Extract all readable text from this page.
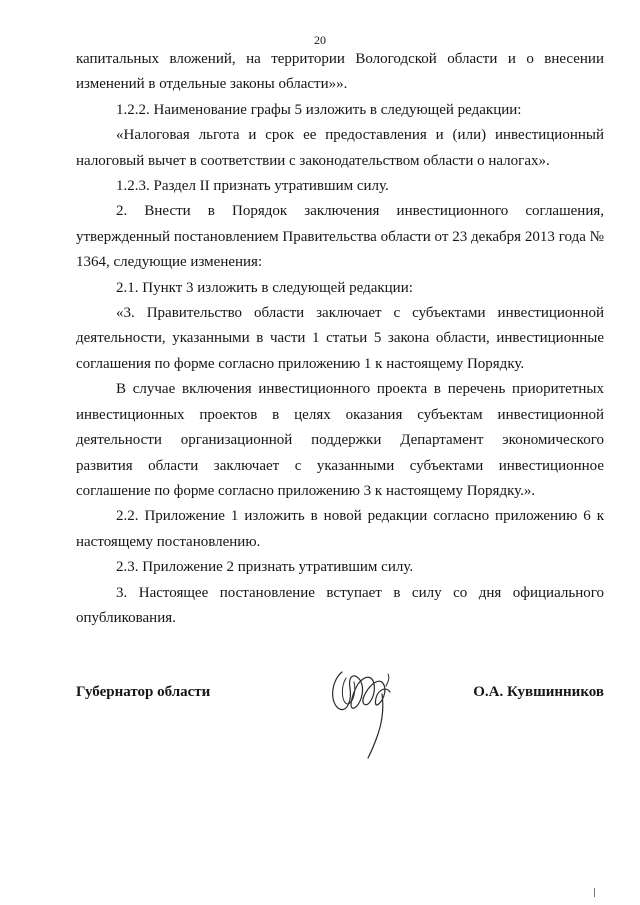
20

капитальных вложений, на территории Вологодской области и о внесении изменений в отдельные законы области»».

1.2.2. Наименование графы 5 изложить в следующей редакции:

«Налоговая льгота и срок ее предоставления и (или) инвестиционный налоговый вычет в соответствии с законодательством области о налогах».

1.2.3. Раздел II признать утратившим силу.

2. Внести в Порядок заключения инвестиционного соглашения, утвержденный постановлением Правительства области от 23 декабря 2013 года № 1364, следующие изменения:

2.1. Пункт 3 изложить в следующей редакции:

«3. Правительство области заключает с субъектами инвестиционной деятельности, указанными в части 1 статьи 5 закона области, инвестиционные соглашения по форме согласно приложению 1 к настоящему Порядку.

В случае включения инвестиционного проекта в перечень приоритетных инвестиционных проектов в целях оказания субъектам инвестиционной деятельности организационной поддержки Департамент экономического развития области заключает с указанными субъектами инвестиционное соглашение по форме согласно приложению 3 к настоящему Порядку.».

2.2. Приложение 1 изложить в новой редакции согласно приложению 6 к настоящему постановлению.

2.3. Приложение 2 признать утратившим силу.

3. Настоящее постановление вступает в силу со дня официального опубликования.

Губернатор области	О.А. Кувшинников
